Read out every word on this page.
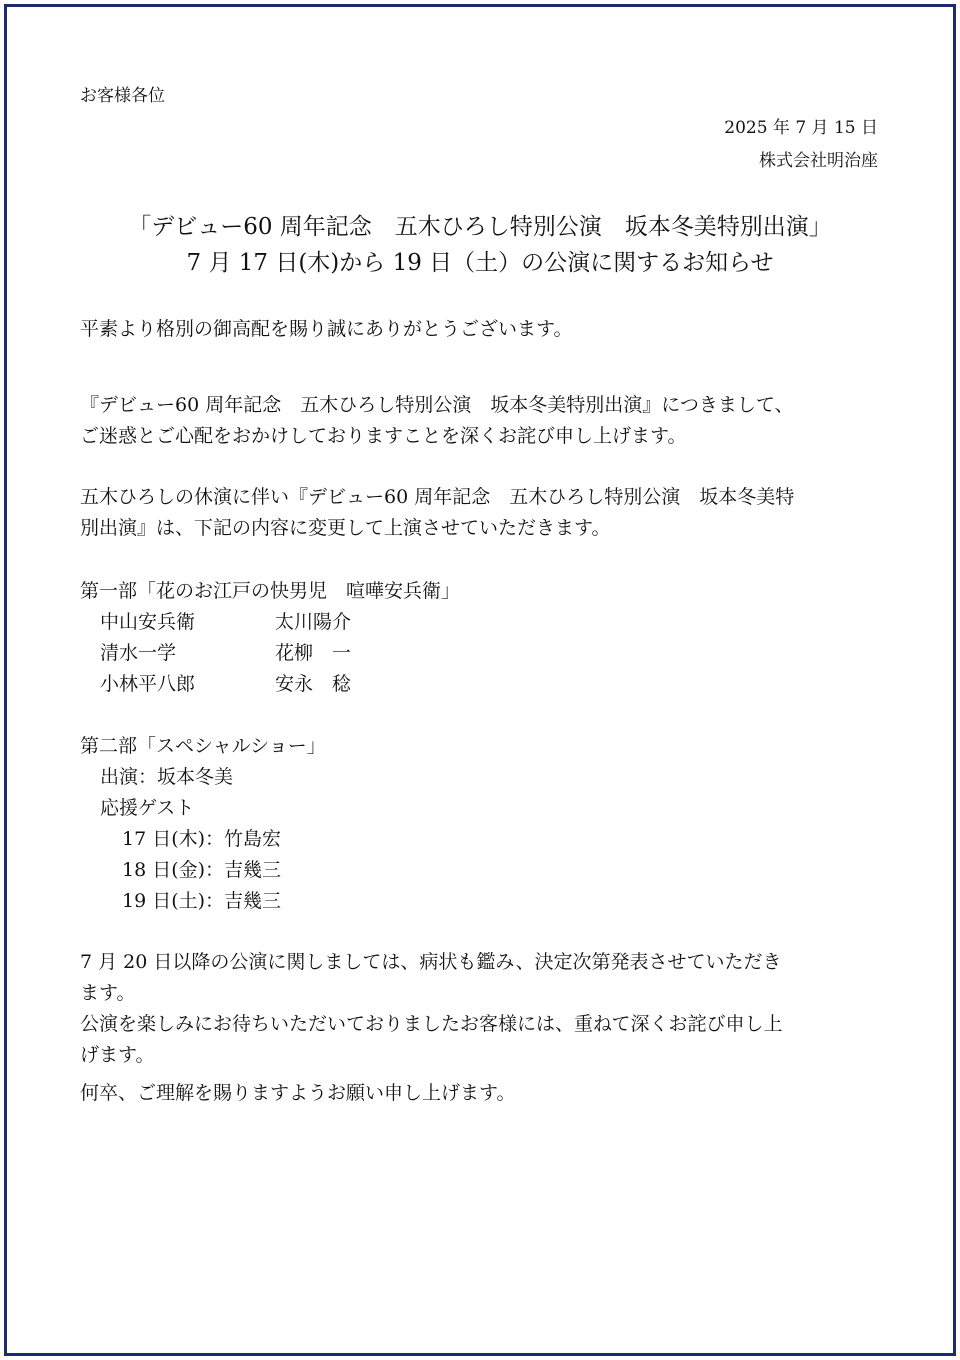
お客様各位
2025 年 7 月 15 日
株式会社明治座
「デビュー60 周年記念　五木ひろし特別公演　坂本冬美特別出演」
7 月 17 日(木)から 19 日（土）の公演に関するお知らせ

平素より格別の御高配を賜り誠にありがとうございます。

『デビュー60 周年記念　五木ひろし特別公演　坂本冬美特別出演』につきまして、

ご迷惑とご心配をおかけしておりますことを深くお詫び申し上げます。

五木ひろしの休演に伴い『デビュー60 周年記念　五木ひろし特別公演　坂本冬美特

別出演』は、下記の内容に変更して上演させていただきます。

第一部「花のお江戸の快男児　喧嘩安兵衛」
中山安兵衛	太川陽介
清水一学	花柳　一
小林平八郎	安永　稔
第二部「スペシャルショー」
出演：坂本冬美
応援ゲスト
17 日(木)：竹島宏
18 日(金)：吉幾三
19 日(土)：吉幾三

7 月 20 日以降の公演に関しましては、病状も鑑み、決定次第発表させていただき

ます。

公演を楽しみにお待ちいただいておりましたお客様には、重ねて深くお詫び申し上

げます。

何卒、ご理解を賜りますようお願い申し上げます。
